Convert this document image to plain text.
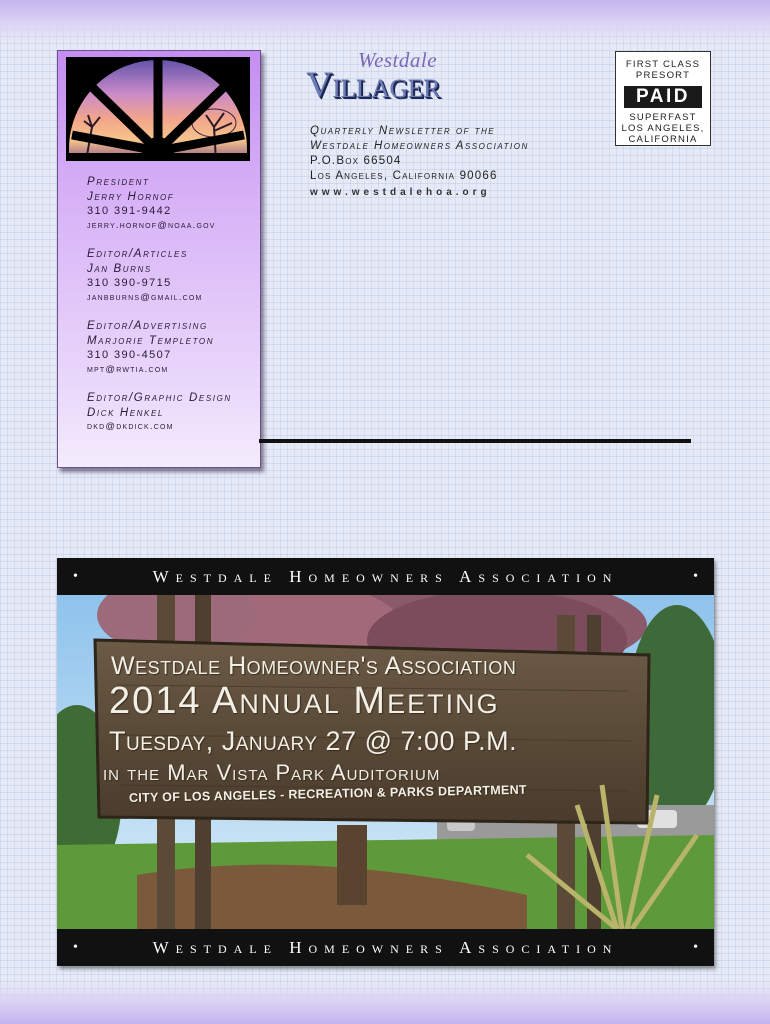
President
Jerry Hornof
310 391-9442
jerry.hornof@noaa.gov
Editor/Articles
Jan Burns
310 390-9715
janbburns@gmail.com
Editor/Advertising
Marjorie Templeton
310 390-4507
mpt@rwtia.com
Editor/Graphic Design
Dick Henkel
dkd@dkdick.com
Westdale
Villager
Quarterly Newsletter of the
Westdale Homeowners Association
P.O.Box 66504
Los Angeles, California 90066
www.westdalehoa.org
FIRST CLASS
PRESORT
PAID
SUPERFAST
LOS ANGELES,
CALIFORNIA
•	Westdale Homeowners Association	•
Westdale Homeowner's Association
2014 Annual Meeting
Tuesday, January 27 @ 7:00 P.M.
in the Mar Vista Park Auditorium
CITY OF LOS ANGELES - RECREATION & PARKS DEPARTMENT
•	Westdale Homeowners Association	•
